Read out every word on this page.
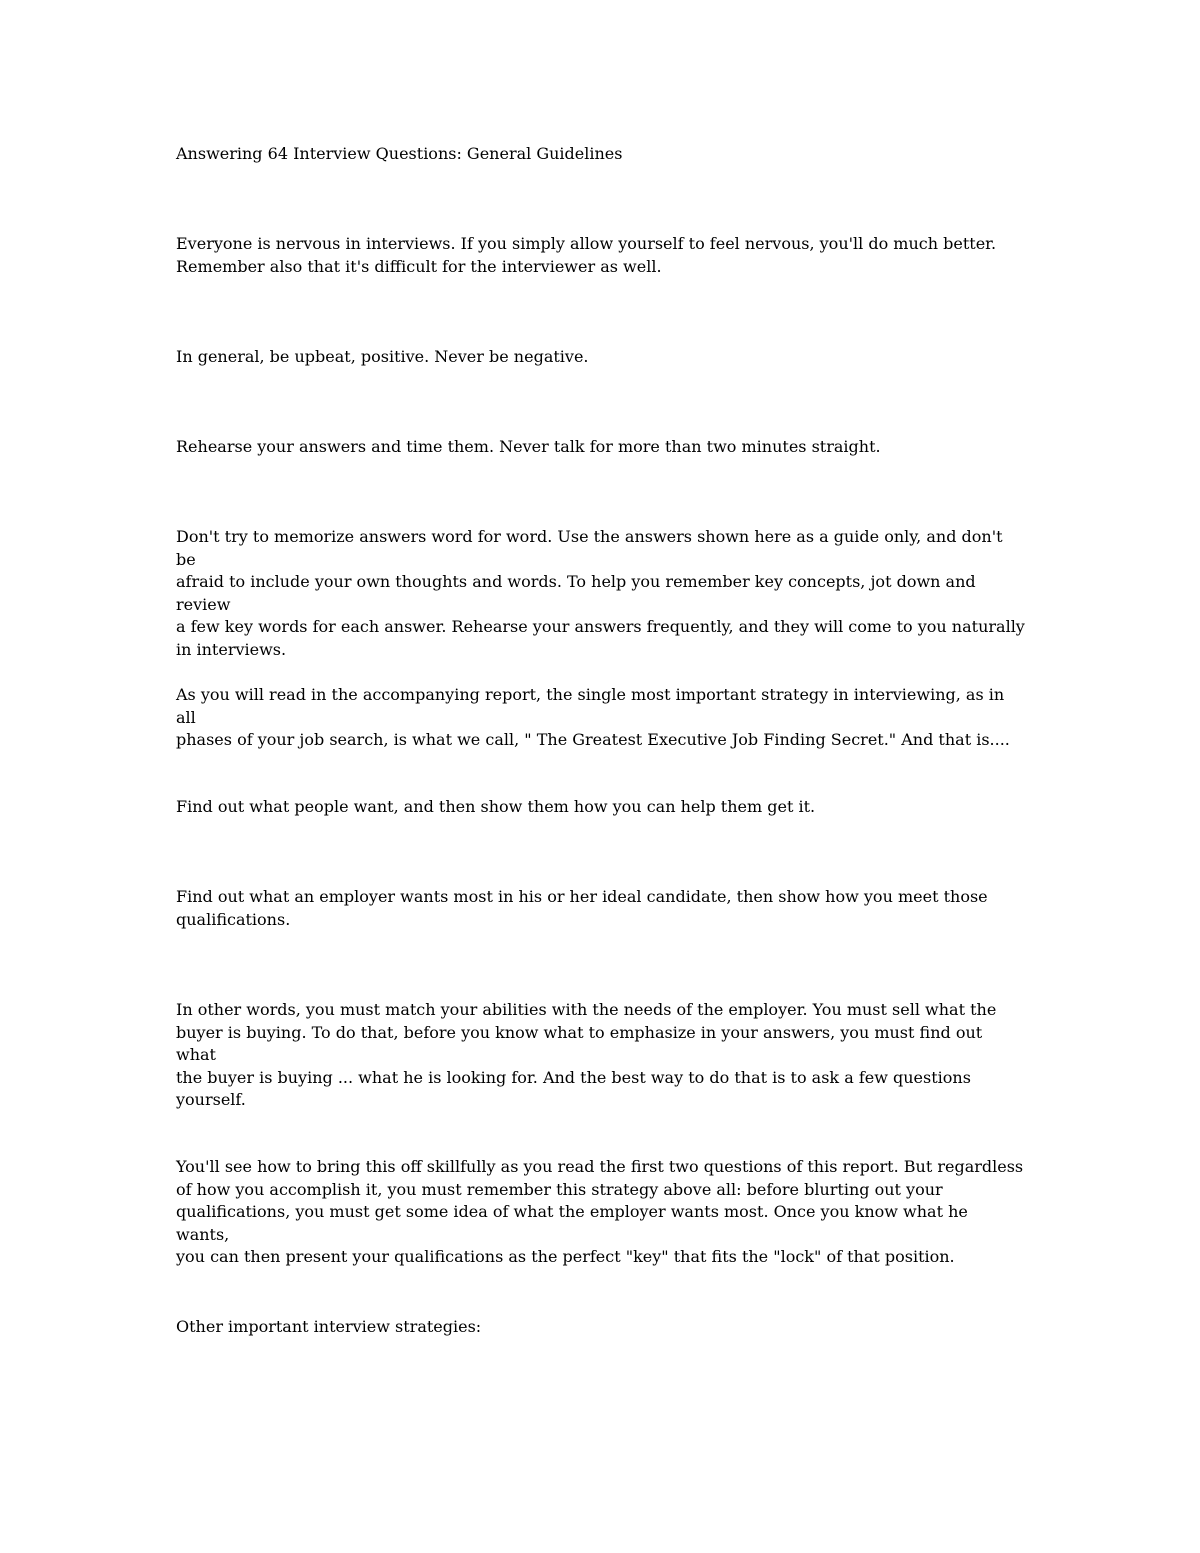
Answering 64 Interview Questions: General Guidelines

Everyone is nervous in interviews. If you simply allow yourself to feel nervous, you'll do much better.
Remember also that it's difficult for the interviewer as well.

In general, be upbeat, positive. Never be negative.

Rehearse your answers and time them. Never talk for more than two minutes straight.

Don't try to memorize answers word for word. Use the answers shown here as a guide only, and don't be
afraid to include your own thoughts and words. To help you remember key concepts, jot down and review
a few key words for each answer. Rehearse your answers frequently, and they will come to you naturally
in interviews.

As you will read in the accompanying report, the single most important strategy in interviewing, as in all
phases of your job search, is what we call, " The Greatest Executive Job Finding Secret." And that is....

Find out what people want, and then show them how you can help them get it.

Find out what an employer wants most in his or her ideal candidate, then show how you meet those
qualifications.

In other words, you must match your abilities with the needs of the employer. You must sell what the
buyer is buying. To do that, before you know what to emphasize in your answers, you must find out what
the buyer is buying ... what he is looking for. And the best way to do that is to ask a few questions
yourself.

You'll see how to bring this off skillfully as you read the first two questions of this report. But regardless
of how you accomplish it, you must remember this strategy above all: before blurting out your
qualifications, you must get some idea of what the employer wants most. Once you know what he wants,
you can then present your qualifications as the perfect "key" that fits the "lock" of that position.

Other important interview strategies:
